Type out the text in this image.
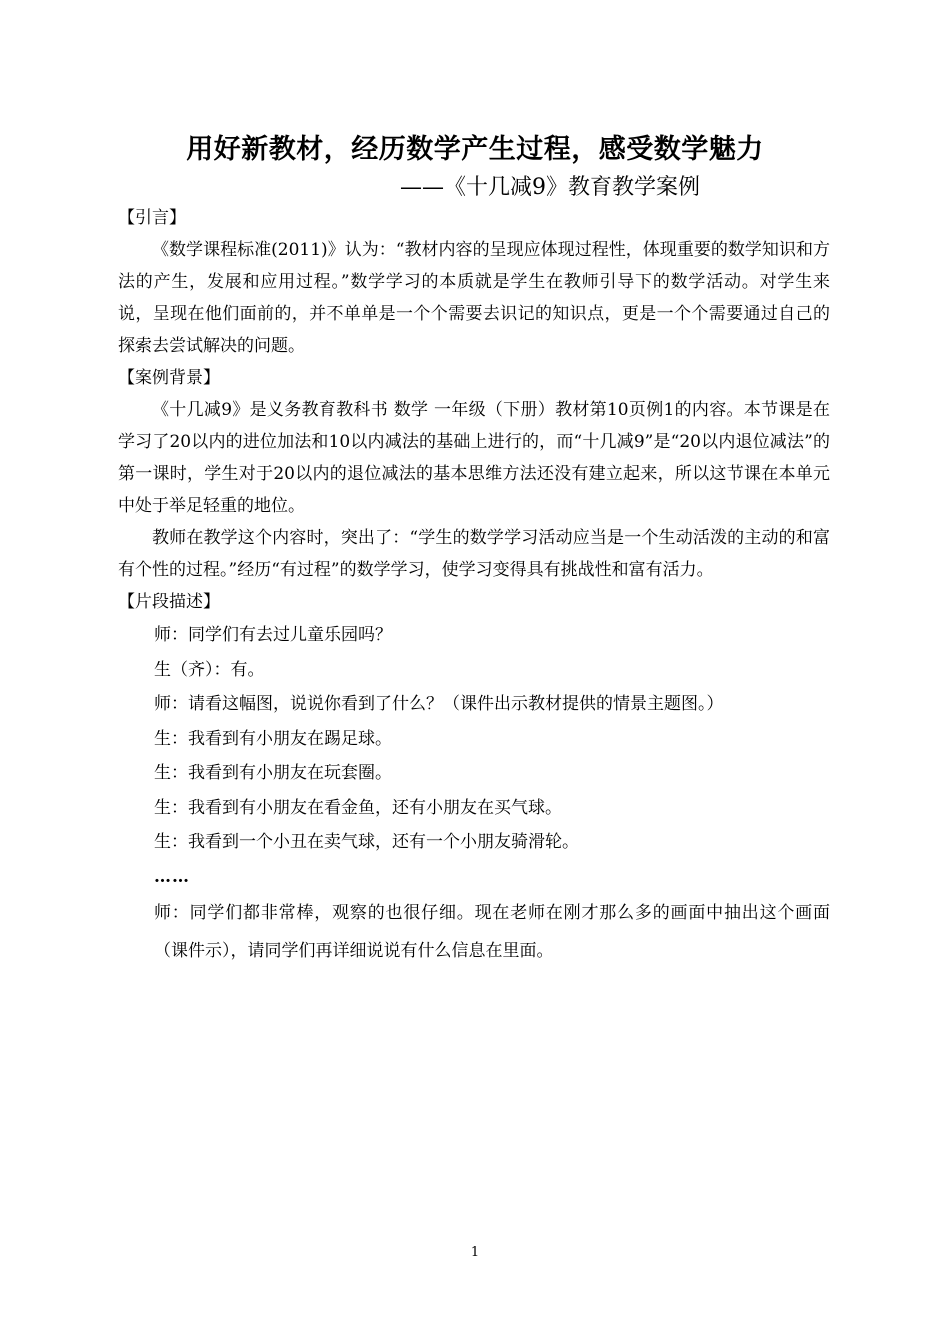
用好新教材，经历数学产生过程，感受数学魅力
——《十几减9》教育教学案例

【引言】

《数学课程标准(2011)》认为：“教材内容的呈现应体现过程性，体现重要的数学知识和方法的产生，发展和应用过程。”数学学习的本质就是学生在教师引导下的数学活动。对学生来说，呈现在他们面前的，并不单单是一个个需要去识记的知识点，更是一个个需要通过自己的探索去尝试解决的问题。

【案例背景】

《十几减9》是义务教育教科书 数学 一年级（下册）教材第10页例1的内容。本节课是在学习了20以内的进位加法和10以内减法的基础上进行的，而“十几减9”是“20以内退位减法”的第一课时，学生对于20以内的退位减法的基本思维方法还没有建立起来，所以这节课在本单元中处于举足轻重的地位。

教师在教学这个内容时，突出了：“学生的数学学习活动应当是一个生动活泼的主动的和富有个性的过程。”经历“有过程”的数学学习，使学习变得具有挑战性和富有活力。

【片段描述】

师：同学们有去过儿童乐园吗？

生（齐）：有。

师：请看这幅图，说说你看到了什么？（课件出示教材提供的情景主题图。）

生：我看到有小朋友在踢足球。

生：我看到有小朋友在玩套圈。

生：我看到有小朋友在看金鱼，还有小朋友在买气球。

生：我看到一个小丑在卖气球，还有一个小朋友骑滑轮。

……

师：同学们都非常棒，观察的也很仔细。现在老师在刚才那么多的画面中抽出这个画面（课件示），请同学们再详细说说有什么信息在里面。

1
